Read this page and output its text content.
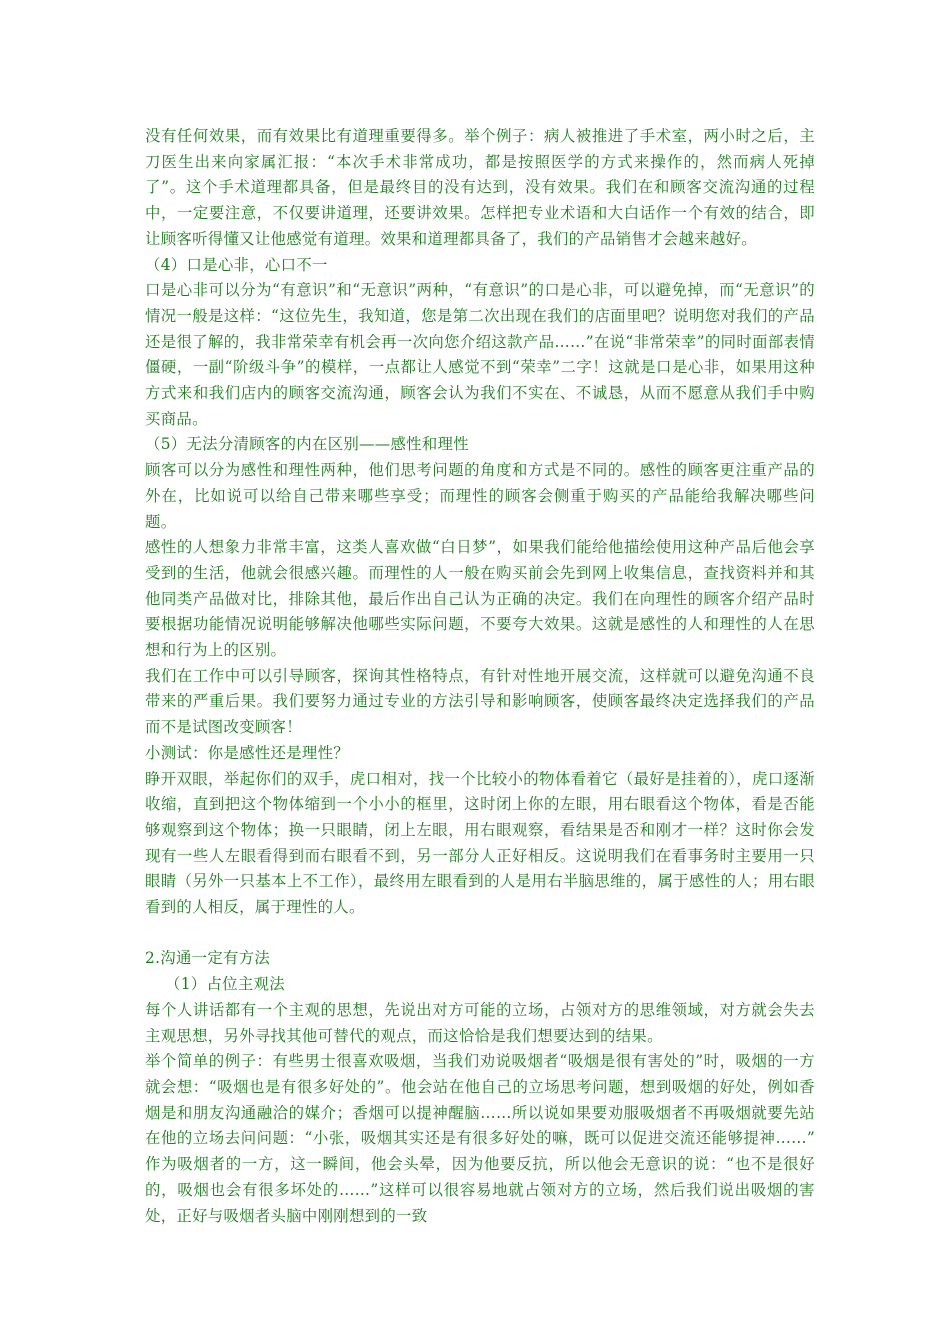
没有任何效果，而有效果比有道理重要得多。举个例子：病人被推进了手术室，两小时之后，主刀医生出来向家属汇报：“本次手术非常成功，都是按照医学的方式来操作的，然而病人死掉了”。这个手术道理都具备，但是最终目的没有达到，没有效果。我们在和顾客交流沟通的过程中，一定要注意，不仅要讲道理，还要讲效果。怎样把专业术语和大白话作一个有效的结合，即让顾客听得懂又让他感觉有道理。效果和道理都具备了，我们的产品销售才会越来越好。

（4）口是心非，心口不一

口是心非可以分为“有意识”和“无意识”两种，“有意识”的口是心非，可以避免掉，而“无意识”的情况一般是这样：“这位先生，我知道，您是第二次出现在我们的店面里吧？说明您对我们的产品还是很了解的，我非常荣幸有机会再一次向您介绍这款产品……”在说“非常荣幸”的同时面部表情僵硬，一副“阶级斗争”的模样，一点都让人感觉不到“荣幸”二字！这就是口是心非，如果用这种方式来和我们店内的顾客交流沟通，顾客会认为我们不实在、不诚恳，从而不愿意从我们手中购买商品。

（5）无法分清顾客的内在区别——感性和理性

顾客可以分为感性和理性两种，他们思考问题的角度和方式是不同的。感性的顾客更注重产品的外在，比如说可以给自己带来哪些享受；而理性的顾客会侧重于购买的产品能给我解决哪些问题。

感性的人想象力非常丰富，这类人喜欢做“白日梦”，如果我们能给他描绘使用这种产品后他会享受到的生活，他就会很感兴趣。而理性的人一般在购买前会先到网上收集信息，查找资料并和其他同类产品做对比，排除其他，最后作出自己认为正确的决定。我们在向理性的顾客介绍产品时要根据功能情况说明能够解决他哪些实际问题，不要夸大效果。这就是感性的人和理性的人在思想和行为上的区别。

我们在工作中可以引导顾客，探询其性格特点，有针对性地开展交流，这样就可以避免沟通不良带来的严重后果。我们要努力通过专业的方法引导和影响顾客，使顾客最终决定选择我们的产品而不是试图改变顾客！

小测试：你是感性还是理性？

睁开双眼，举起你们的双手，虎口相对，找一个比较小的物体看着它（最好是挂着的），虎口逐渐收缩，直到把这个物体缩到一个小小的框里，这时闭上你的左眼，用右眼看这个物体，看是否能够观察到这个物体；换一只眼睛，闭上左眼，用右眼观察，看结果是否和刚才一样？这时你会发现有一些人左眼看得到而右眼看不到，另一部分人正好相反。这说明我们在看事务时主要用一只眼睛（另外一只基本上不工作），最终用左眼看到的人是用右半脑思维的，属于感性的人；用右眼看到的人相反，属于理性的人。

2.沟通一定有方法

（1）占位主观法

每个人讲话都有一个主观的思想，先说出对方可能的立场，占领对方的思维领域，对方就会失去主观思想，另外寻找其他可替代的观点，而这恰恰是我们想要达到的结果。

举个简单的例子：有些男士很喜欢吸烟，当我们劝说吸烟者“吸烟是很有害处的”时，吸烟的一方就会想：“吸烟也是有很多好处的”。他会站在他自己的立场思考问题，想到吸烟的好处，例如香烟是和朋友沟通融洽的媒介；香烟可以提神醒脑……所以说如果要劝服吸烟者不再吸烟就要先站在他的立场去问问题：“小张，吸烟其实还是有很多好处的嘛，既可以促进交流还能够提神……” 作为吸烟者的一方，这一瞬间，他会头晕，因为他要反抗，所以他会无意识的说：“也不是很好的，吸烟也会有很多坏处的……”这样可以很容易地就占领对方的立场，然后我们说出吸烟的害处，正好与吸烟者头脑中刚刚想到的一致
